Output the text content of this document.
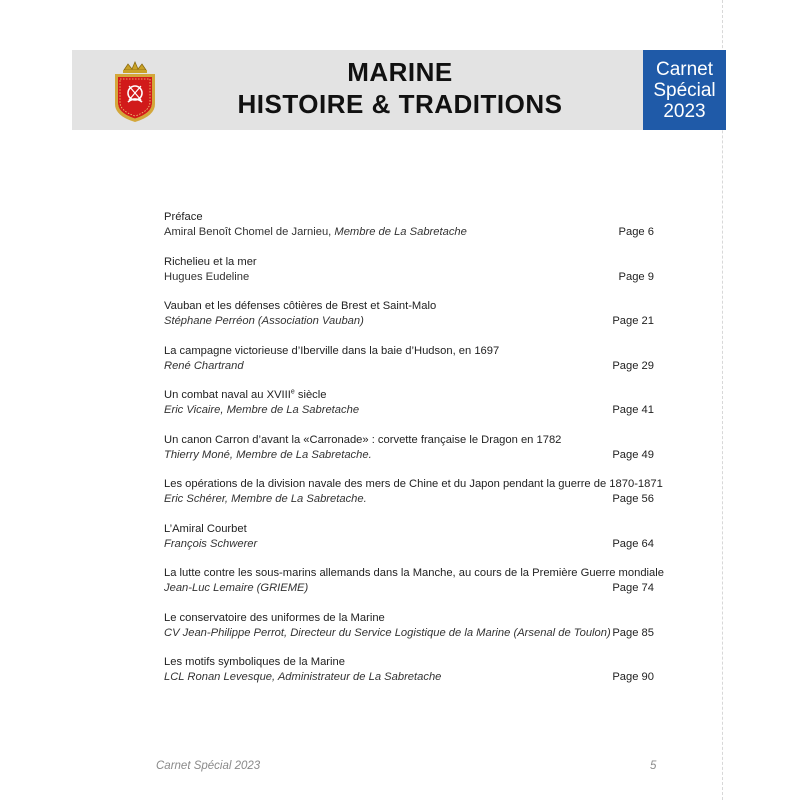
MARINE
HISTOIRE & TRADITIONS
Carnet
Spécial
2023
Préface
Amiral Benoît Chomel de Jarnieu, Membre de La Sabretache	Page 6
Richelieu et la mer
Hugues Eudeline	Page 9
Vauban et les défenses côtières de Brest et Saint-Malo
Stéphane Perréon (Association Vauban)	Page 21
La campagne victorieuse d’Iberville dans la baie d’Hudson, en 1697
René Chartrand	Page 29
Un combat naval au XVIIIe siècle
Eric Vicaire, Membre de La Sabretache	Page 41
Un canon Carron d’avant la «Carronade» : corvette française le Dragon en 1782
Thierry Moné, Membre de La Sabretache.	Page 49
Les opérations de la division navale des mers de Chine et du Japon pendant la guerre de 1870-1871
Eric Schérer, Membre de La Sabretache.	Page 56
L’Amiral Courbet
François Schwerer	Page 64
La lutte contre les sous-marins allemands dans la Manche, au cours de la Première Guerre mondiale
Jean-Luc Lemaire (GRIEME)	Page 74
Le conservatoire des uniformes de la Marine
CV Jean-Philippe Perrot, Directeur du Service Logistique de la Marine (Arsenal de Toulon) Page 85
Les motifs symboliques de la Marine
LCL Ronan Levesque, Administrateur de La Sabretache	Page 90
Carnet Spécial 2023	5
